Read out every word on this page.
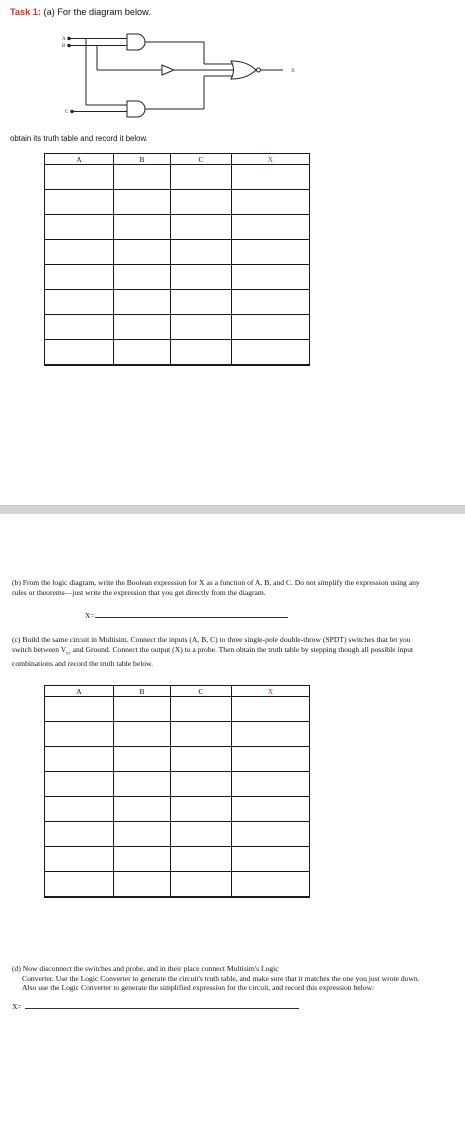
Task 1: (a) For the diagram below.
A
B
C
X
obtain its truth table and record it below.
A	B	C	X

(b) From the logic diagram, write the Boolean expression for X as a function of A, B, and C. Do not simplify the expression using any rules or theorems—just write the expression that you get directly from the diagram.
X=
(c) Build the same circuit in Multisim. Connect the inputs (A, B, C) to three single-pole double-throw (SPDT) switches that let you switch between $V_{cc}$ and Ground. Connect the output (X) to a probe. Then obtain the truth table by stepping though all possible input combinations and record the truth table below.
A	B	C	X

(d) Now disconnect the switches and probe, and in their place connect Multisim's Logic
Converter. Use the Logic Converter to generate the circuit's truth table, and make sure that it matches the one you just wrote down. Also use the Logic Converter to generate the simplified expression for the circuit, and record this expression below:
X=
